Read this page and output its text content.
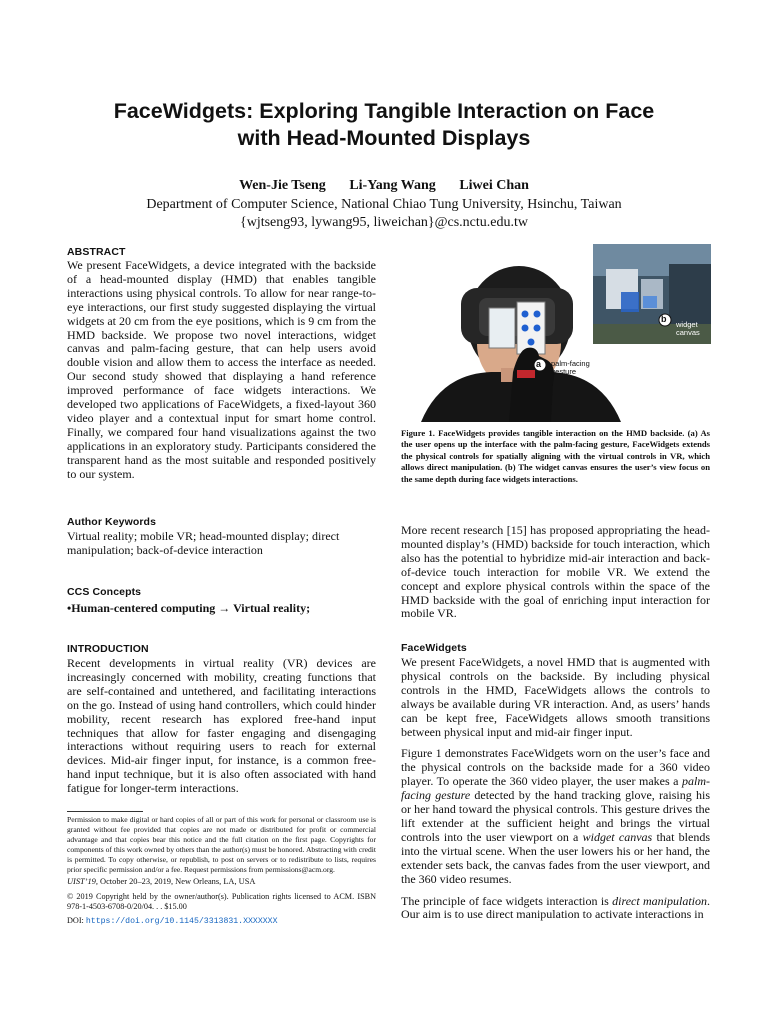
FaceWidgets: Exploring Tangible Interaction on Face
with Head-Mounted Displays
Wen-Jie Tseng Li-Yang Wang Liwei Chan
Department of Computer Science, National Chiao Tung University, Hsinchu, Taiwan
{wjtseng93, lywang95, liweichan}@cs.nctu.edu.tw

ABSTRACT

We present FaceWidgets, a device integrated with the backside of a head-mounted display (HMD) that enables tangible interactions using physical controls. To allow for near range-to-eye interactions, our first study suggested displaying the virtual widgets at 20 cm from the eye positions, which is 9 cm from the HMD backside. We propose two novel interactions, widget canvas and palm-facing gesture, that can help users avoid double vision and allow them to access the interface as needed. Our second study showed that displaying a hand reference improved performance of face widgets interactions. We developed two applications of FaceWidgets, a fixed-layout 360 video player and a contextual input for smart home control. Finally, we compared four hand visualizations against the two applications in an exploratory study. Participants considered the transparent hand as the most suitable and responded positively to our system.

Author Keywords

Virtual reality; mobile VR; head-mounted display; direct manipulation; back-of-device interaction

CCS Concepts

•Human-centered computing → Virtual reality;

INTRODUCTION

Recent developments in virtual reality (VR) devices are increasingly concerned with mobility, creating functions that are self-contained and untethered, and facilitating interactions on the go. Instead of using hand controllers, which could hinder mobility, recent research has explored free-hand input techniques that allow for faster engaging and disengaging interactions without requiring users to reach for external devices. Mid-air finger input, for instance, is a common free-hand input technique, but it is also often associated with hand fatigue for longer-term interactions.

Permission to make digital or hard copies of all or part of this work for personal or classroom use is granted without fee provided that copies are not made or distributed for profit or commercial advantage and that copies bear this notice and the full citation on the first page. Copyrights for components of this work owned by others than the author(s) must be honored. Abstracting with credit is permitted. To copy otherwise, or republish, to post on servers or to redistribute to lists, requires prior specific permission and/or a fee. Request permissions from permissions@acm.org.

UIST’19, October 20–23, 2019, New Orleans, LA, USA

© 2019 Copyright held by the owner/author(s). Publication rights licensed to ACM. ISBN 978-1-4503-6708-0/20/04. . . $15.00

DOI: https://doi.org/10.1145/3313831.XXXXXXX

a palm-facing
gesture
b
widget
canvas

Figure 1. FaceWidgets provides tangible interaction on the HMD backside. (a) As the user opens up the interface with the palm-facing gesture, FaceWidgets extends the physical controls for spatially aligning with the virtual controls in VR, which allows direct manipulation. (b) The widget canvas ensures the user’s view focus on the same depth during face widgets interactions.

More recent research [15] has proposed appropriating the head-mounted display’s (HMD) backside for touch interaction, which also has the potential to hybridize mid-air interaction and back-of-device touch interaction for mobile VR. We extend the concept and explore physical controls within the space of the HMD backside with the goal of enriching input interaction for mobile VR.

FaceWidgets

We present FaceWidgets, a novel HMD that is augmented with physical controls on the backside. By including physical controls in the HMD, FaceWidgets allows the controls to always be available during VR interaction. And, as users’ hands can be kept free, FaceWidgets allows smooth transitions between physical input and mid-air finger input.

Figure 1 demonstrates FaceWidgets worn on the user’s face and the physical controls on the backside made for a 360 video player. To operate the 360 video player, the user makes a palm-facing gesture detected by the hand tracking glove, raising his or her hand toward the physical controls. This gesture drives the lift extender at the sufficient height and brings the virtual controls into the user viewport on a widget canvas that blends into the virtual scene. When the user lowers his or her hand, the extender sets back, the canvas fades from the user viewport, and the 360 video resumes.

The principle of face widgets interaction is direct manipulation. Our aim is to use direct manipulation to activate interactions in
